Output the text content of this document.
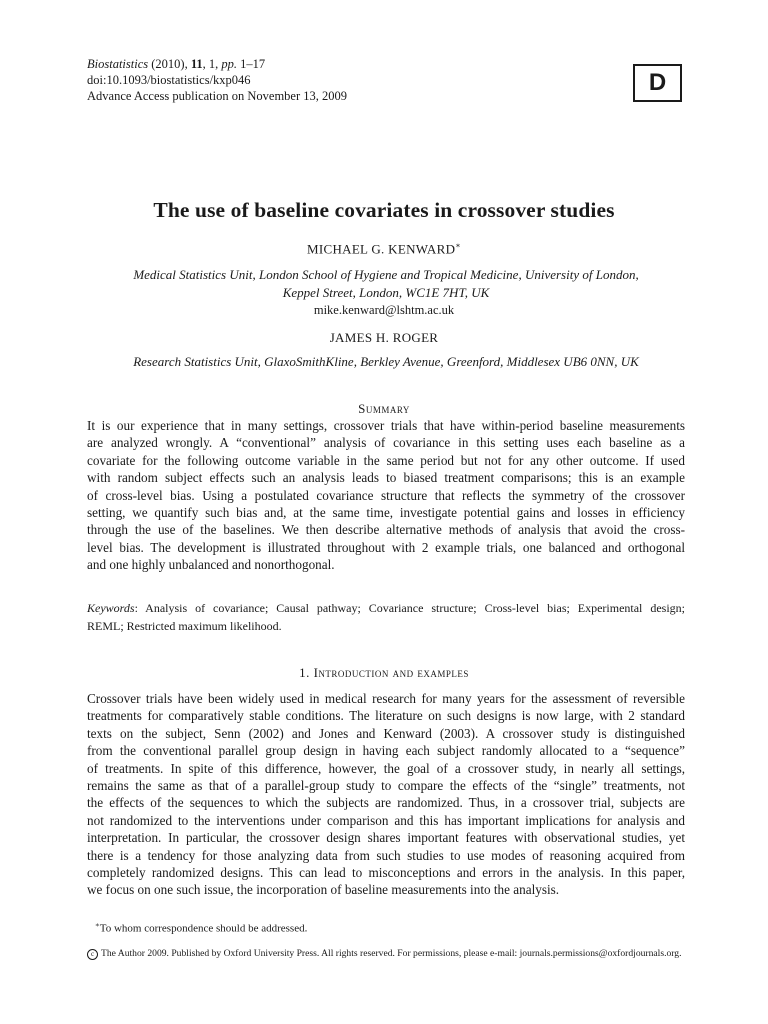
Biostatistics (2010), 11, 1, pp. 1–17
doi:10.1093/biostatistics/kxp046
Advance Access publication on November 13, 2009	D
The use of baseline covariates in crossover studies
MICHAEL G. KENWARD∗
Medical Statistics Unit, London School of Hygiene and Tropical Medicine, University of London,
Keppel Street, London, WC1E 7HT, UK
mike.kenward@lshtm.ac.uk
JAMES H. ROGER
Research Statistics Unit, GlaxoSmithKline, Berkley Avenue, Greenford, Middlesex UB6 0NN, UK
Summary
It is our experience that in many settings, crossover trials that have within-period baseline measurements
are analyzed wrongly. A “conventional” analysis of covariance in this setting uses each baseline as a
covariate for the following outcome variable in the same period but not for any other outcome. If used
with random subject effects such an analysis leads to biased treatment comparisons; this is an example
of cross-level bias. Using a postulated covariance structure that reflects the symmetry of the crossover
setting, we quantify such bias and, at the same time, investigate potential gains and losses in efficiency
through the use of the baselines. We then describe alternative methods of analysis that avoid the cross-
level bias. The development is illustrated throughout with 2 example trials, one balanced and orthogonal
and one highly unbalanced and nonorthogonal.
Keywords: Analysis of covariance; Causal pathway; Covariance structure; Cross-level bias; Experimental design;
REML; Restricted maximum likelihood.
1. Introduction and examples
Crossover trials have been widely used in medical research for many years for the assessment of reversible
treatments for comparatively stable conditions. The literature on such designs is now large, with 2 standard
texts on the subject, Senn (2002) and Jones and Kenward (2003). A crossover study is distinguished
from the conventional parallel group design in having each subject randomly allocated to a “sequence”
of treatments. In spite of this difference, however, the goal of a crossover study, in nearly all settings,
remains the same as that of a parallel-group study to compare the effects of the “single” treatments, not
the effects of the sequences to which the subjects are randomized. Thus, in a crossover trial, subjects are
not randomized to the interventions under comparison and this has important implications for analysis and
interpretation. In particular, the crossover design shares important features with observational studies, yet
there is a tendency for those analyzing data from such studies to use modes of reasoning acquired from
completely randomized designs. This can lead to misconceptions and errors in the analysis. In this paper,
we focus on one such issue, the incorporation of baseline measurements into the analysis.
∗To whom correspondence should be addressed.
c The Author 2009. Published by Oxford University Press. All rights reserved. For permissions, please e-mail: journals.permissions@oxfordjournals.org.
